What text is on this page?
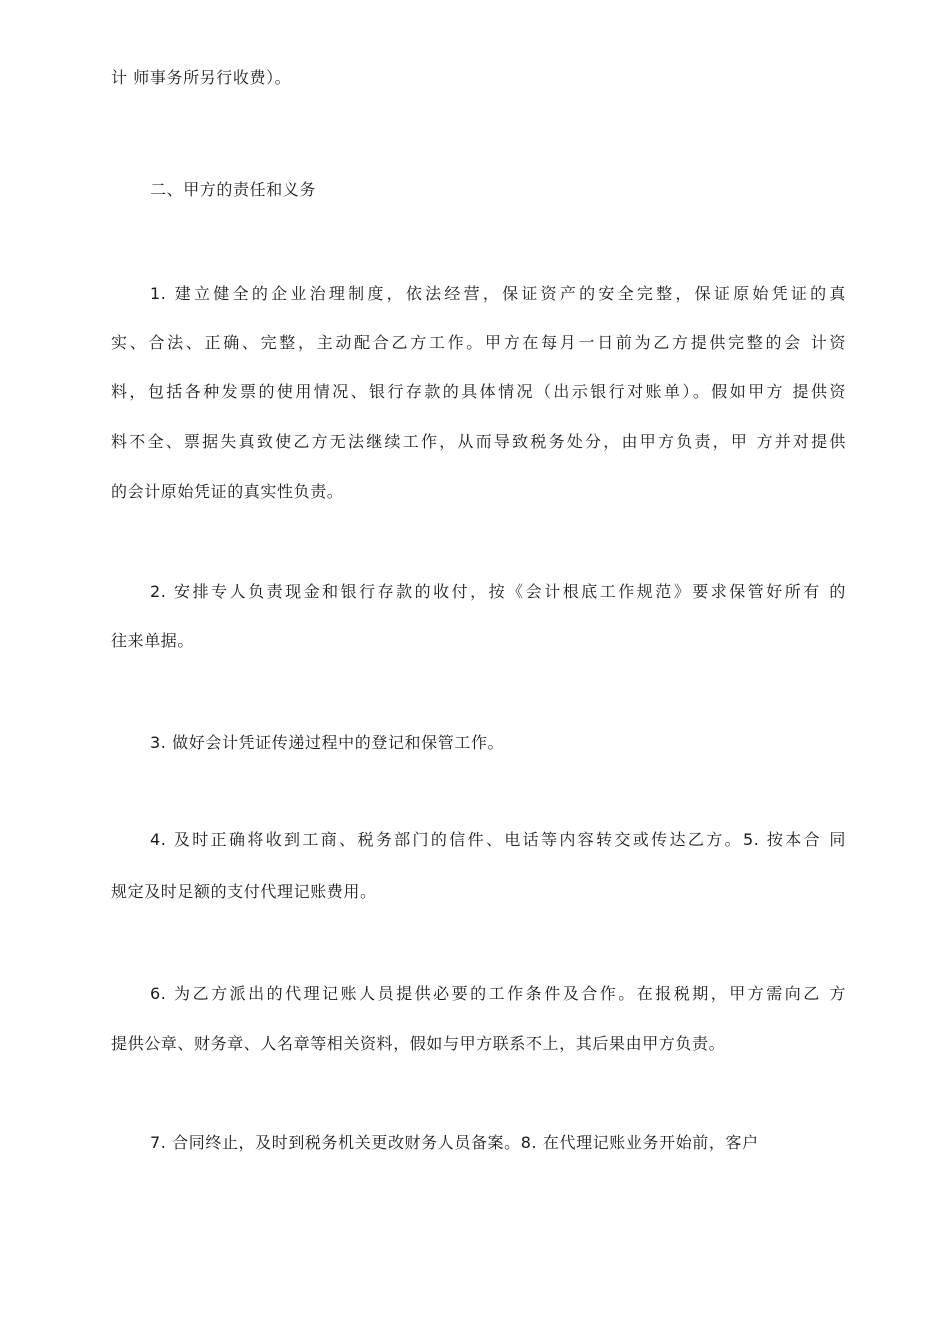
计 师事务所另行收费）。
二、甲方的责任和义务
1. 建立健全的企业治理制度，依法经营，保证资产的安全完整，保证原始凭证的真
实、合法、正确、完整，主动配合乙方工作。甲方在每月一日前为乙方提供完整的会 计资
料，包括各种发票的使用情况、银行存款的具体情况（出示银行对账单）。假如甲方 提供资
料不全、票据失真致使乙方无法继续工作，从而导致税务处分，由甲方负责，甲 方并对提供
的会计原始凭证的真实性负责。
2. 安排专人负责现金和银行存款的收付，按《会计根底工作规范》要求保管好所有 的
往来单据。
3. 做好会计凭证传递过程中的登记和保管工作。
4. 及时正确将收到工商、税务部门的信件、电话等内容转交或传达乙方。5. 按本合 同
规定及时足额的支付代理记账费用。
6. 为乙方派出的代理记账人员提供必要的工作条件及合作。在报税期，甲方需向乙 方
提供公章、财务章、人名章等相关资料，假如与甲方联系不上，其后果由甲方负责。
7. 合同终止，及时到税务机关更改财务人员备案。8. 在代理记账业务开始前，客户
